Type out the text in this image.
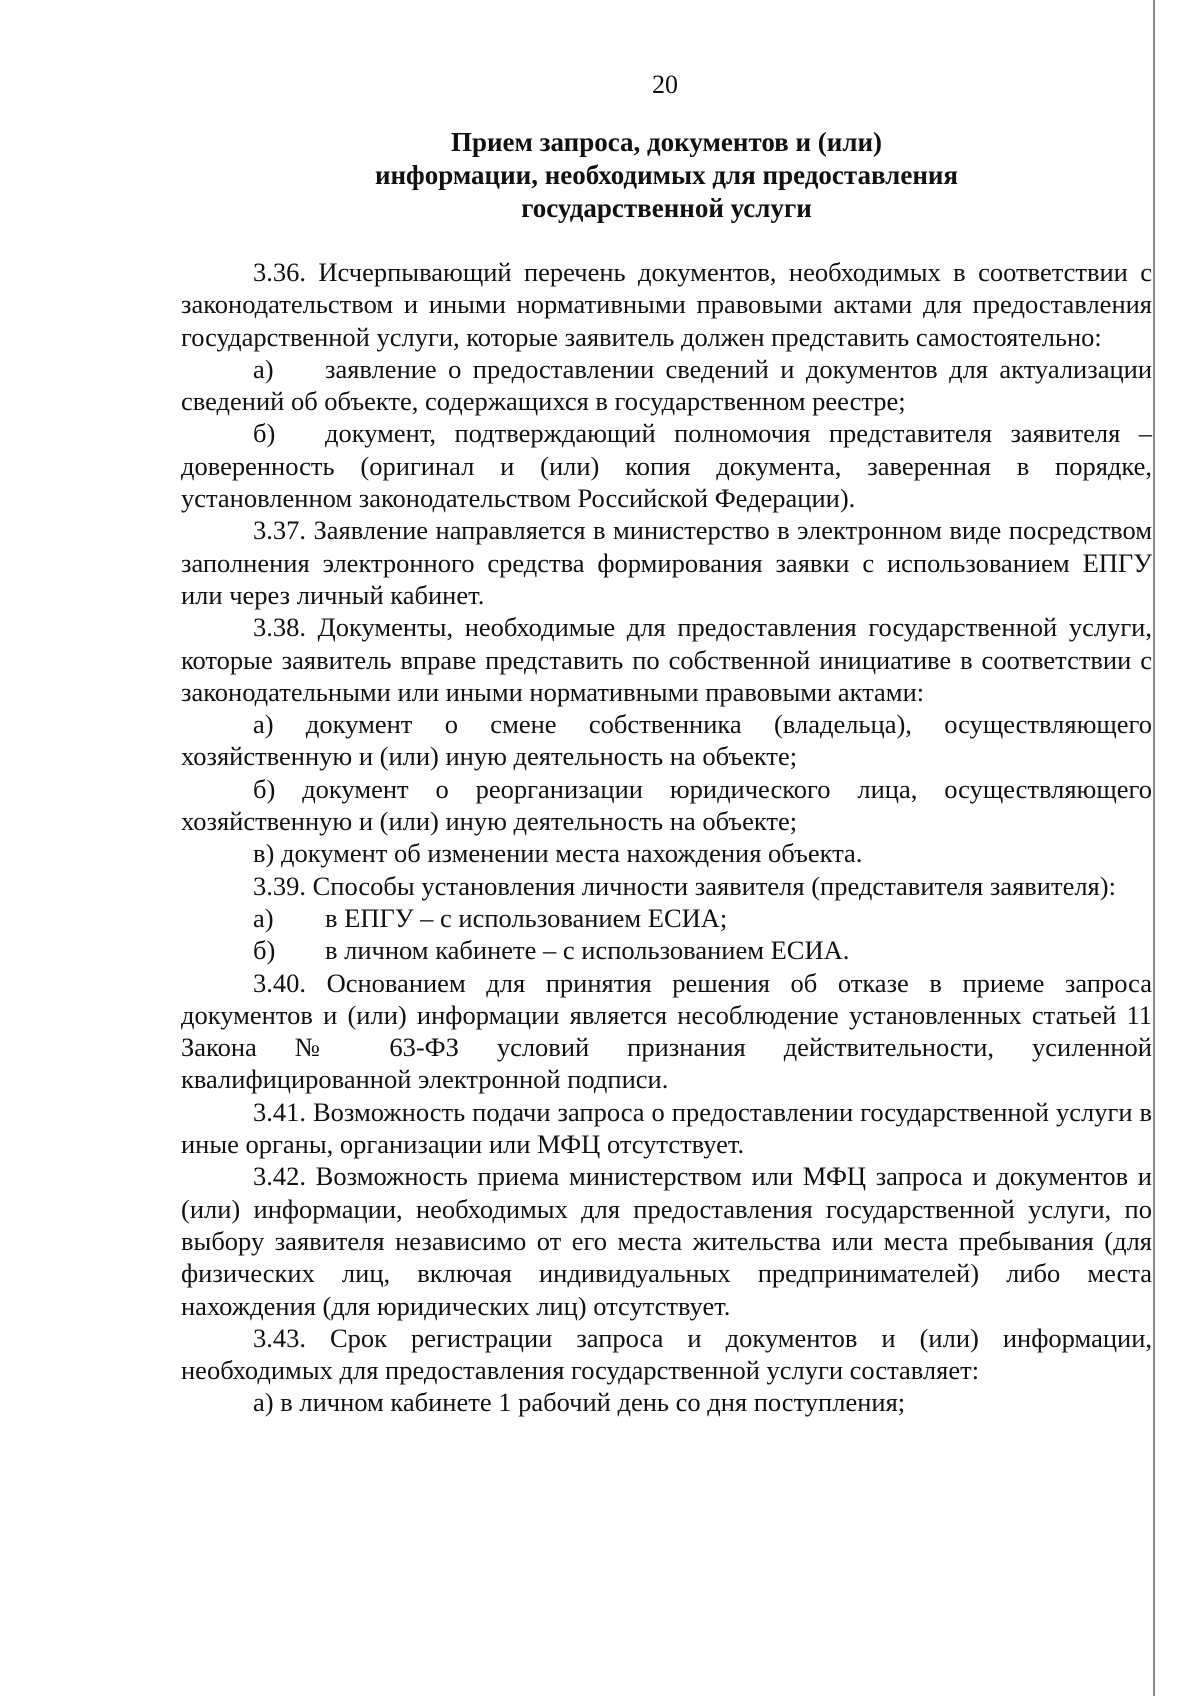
20
Прием запроса, документов и (или)
информации, необходимых для предоставления
государственной услуги

3.36. Исчерпывающий перечень документов, необходимых в соответствии с законодательством и иными нормативными правовыми актами для предоставления государственной услуги, которые заявитель должен представить самостоятельно:

а) заявление о предоставлении сведений и документов для актуализации сведений об объекте, содержащихся в государственном реестре;

б) документ, подтверждающий полномочия представителя заявителя – доверенность (оригинал и (или) копия документа, заверенная в порядке, установленном законодательством Российской Федерации).

3.37. Заявление направляется в министерство в электронном виде посредством заполнения электронного средства формирования заявки с использованием ЕПГУ или через личный кабинет.

3.38. Документы, необходимые для предоставления государственной услуги, которые заявитель вправе представить по собственной инициативе в соответствии с законодательными или иными нормативными правовыми актами:

а) документ о смене собственника (владельца), осуществляющего хозяйственную и (или) иную деятельность на объекте;

б) документ о реорганизации юридического лица, осуществляющего хозяйственную и (или) иную деятельность на объекте;

в) документ об изменении места нахождения объекта.

3.39. Способы установления личности заявителя (представителя заявителя):

а) в ЕПГУ – с использованием ЕСИА;

б) в личном кабинете – с использованием ЕСИА.

3.40. Основанием для принятия решения об отказе в приеме запроса документов и (или) информации является несоблюдение установленных статьей 11 Закона № 63-ФЗ условий признания действительности, усиленной квалифицированной электронной подписи.

3.41. Возможность подачи запроса о предоставлении государственной услуги в иные органы, организации или МФЦ отсутствует.

3.42. Возможность приема министерством или МФЦ запроса и документов и (или) информации, необходимых для предоставления государственной услуги, по выбору заявителя независимо от его места жительства или места пребывания (для физических лиц, включая индивидуальных предпринимателей) либо места нахождения (для юридических лиц) отсутствует.

3.43. Срок регистрации запроса и документов и (или) информации, необходимых для предоставления государственной услуги составляет:

а) в личном кабинете 1 рабочий день со дня поступления;
